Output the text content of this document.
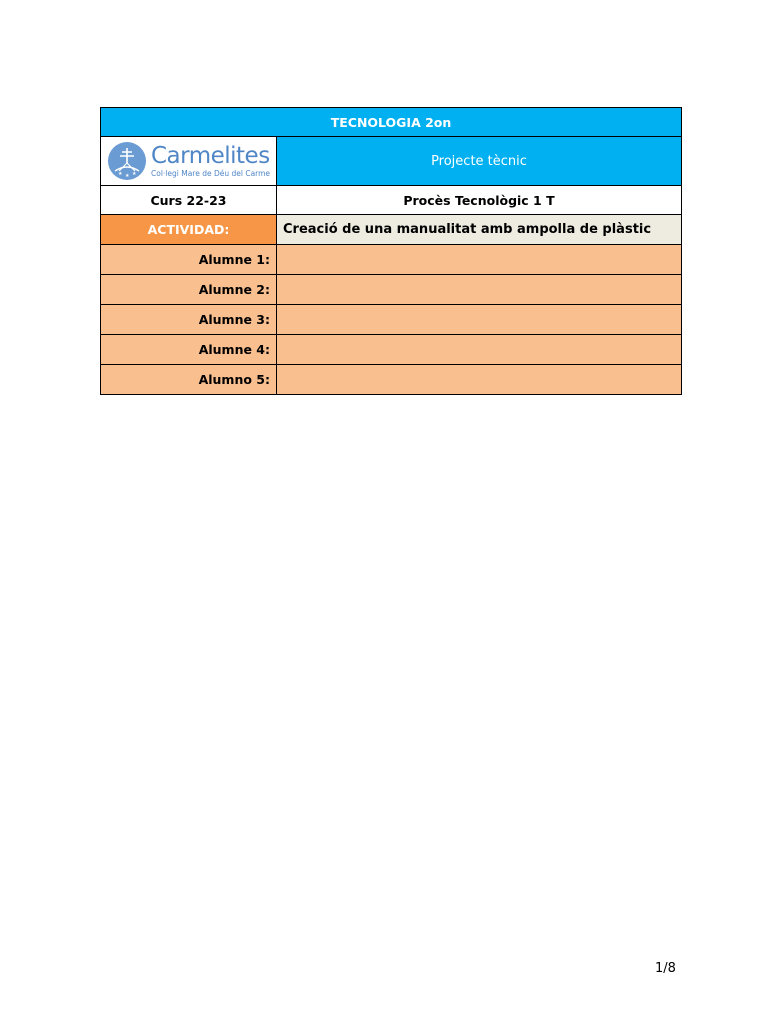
TECNOLOGIA 2on	

★ ★ ★
Carmelites
Col·legi Mare de Déu del Carme	Projecte tècnic
Curs 22-23	Procès Tecnològic 1 T
ACTIVIDAD:	Creació de una manualitat amb ampolla de plàstic
Alumne 1:	
Alumne 2:	
Alumne 3:	
Alumne 4:	
Alumno 5:	
1/8
